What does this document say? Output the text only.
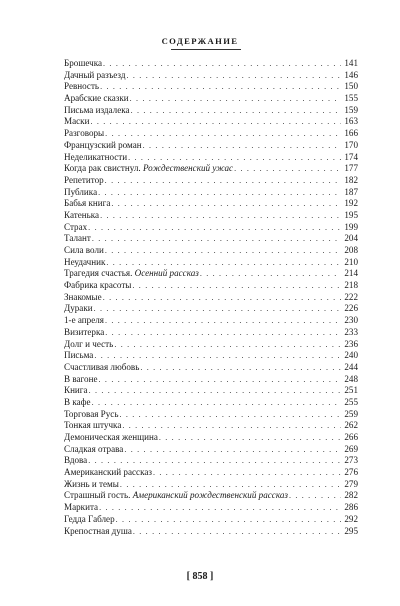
СОДЕРЖАНИЕ
Брошечка . . .	141
Дачный разъезд . . .	146
Ревность . . .	150
Арабские сказки . . .	155
Письма издалека . . .	159
Маски . . .	163
Разговоры . . .	166
Французский роман . . .	170
Неделикатности . . .	174
Когда рак свистнул. Рождественский ужас . . .	177
Репетитор . . .	182
Публика . . .	187
Бабья книга . . .	192
Катенька . . .	195
Страх . . .	199
Талант . . .	204
Сила воли . . .	208
Неудачник . . .	210
Трагедия счастья. Осенний рассказ . . .	214
Фабрика красоты . . .	218
Знакомые . . .	222
Дураки . . .	226
1-е апреля . . .	230
Визитерка . . .	233
Долг и честь . . .	236
Письма . . .	240
Счастливая любовь . . .	244
В вагоне . . .	248
Книга . . .	251
В кафе . . .	255
Торговая Русь . . .	259
Тонкая штучка . . .	262
Демоническая женщина . . .	266
Сладкая отрава . . .	269
Вдова . . .	273
Американский рассказ . . .	276
Жизнь и темы . . .	279
Страшный гость. Американский рождественский рассказ . . .	282
Маркита . . .	286
Гедда Габлер . . .	292
Крепостная душа . . .	295
[ 858 ]
